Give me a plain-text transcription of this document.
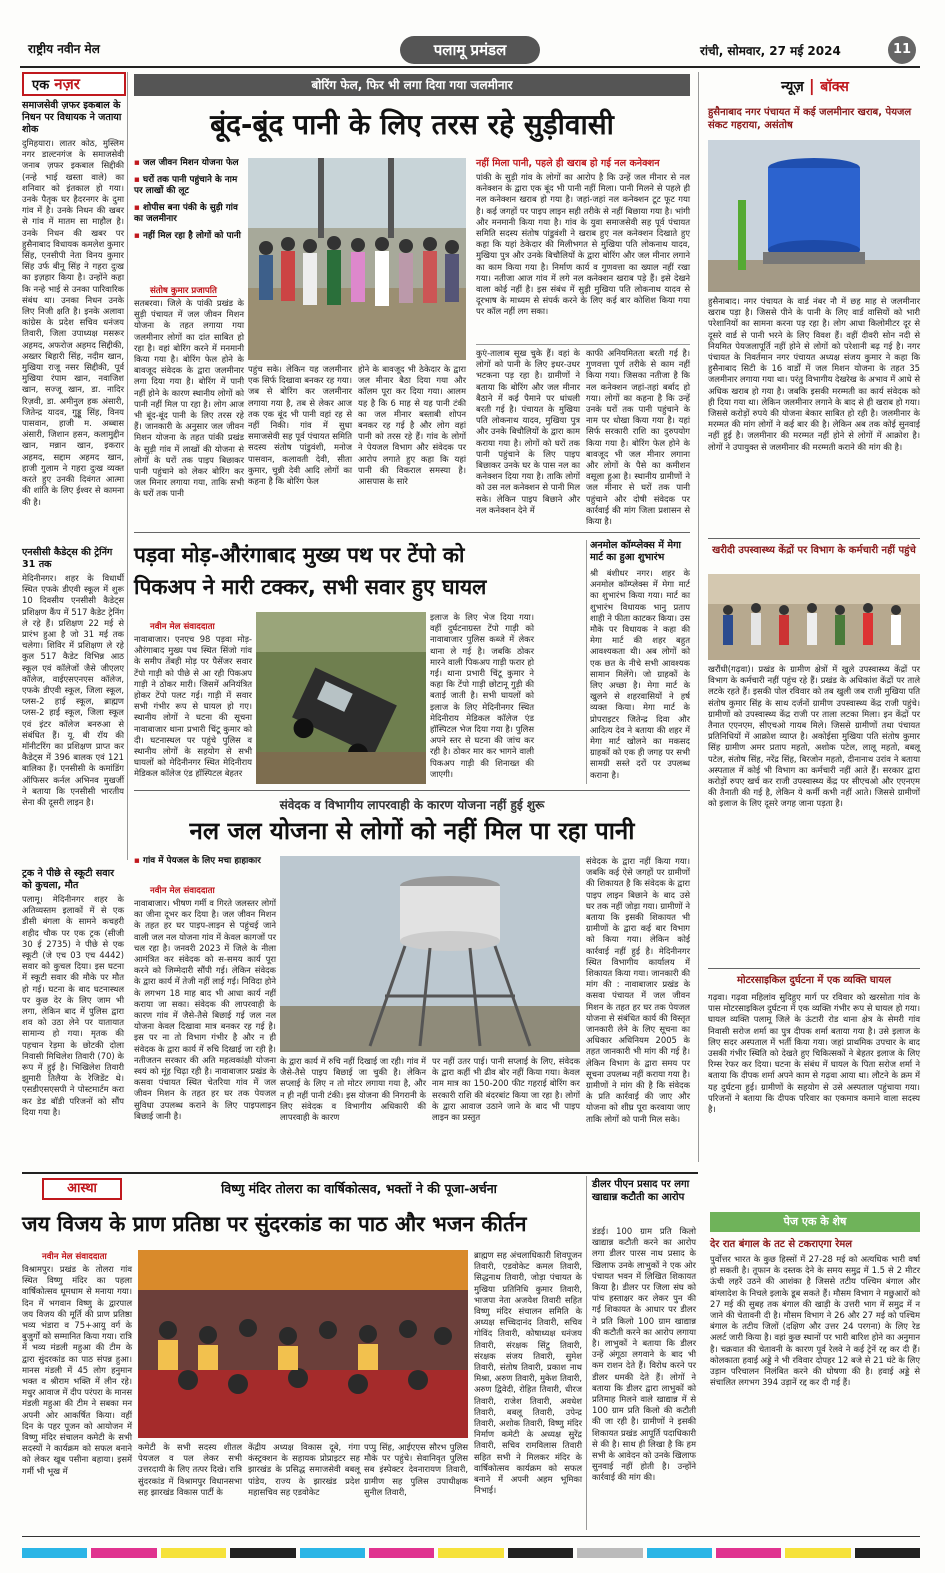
राष्ट्रीय नवीन मेल	पलामू प्रमंडल	रांची, सोमवार, 27 मई 2024	11
एक नज़र
समाजसेवी ज़फर इकबाल के निधन पर विधायक ने जताया शोक
दुमिहयारा। लातर कोठ, मुस्लिम नगर डाल्टनगंज के समाजसेवी जनाब ज़फर इकबाल सिद्दीकी (नन्हे भाई खस्ता वाले) का शनिवार को इंतकाल हो गया। उनके पैतृक घर हैदरनगर के दुमा गांव में है। उनके निधन की खबर से गांव में मातम सा माहौल है। उनके निधन की खबर पर हुसैनाबाद विधायक कमलेश कुमार सिंह, एनसीपी नेता विनय कुमार सिंह उर्फ बीनू सिंह ने गहरा दुःख का इज़हार किया है। उन्होंने कहा कि नन्हे भाई से उनका पारिवारिक संबंध था। उनका निधन उनके लिए निजी क्षति है। इनके अलावा कांग्रेस के प्रदेश सचिव धनंजय तिवारी, जिला उपाध्यक्ष मसरूर अहमद, अफरोज अहमद सिद्दीकी, अख्तर बिहारी सिंह, नदीम खान, मुखिया राजू नसर सिद्दीकी, पूर्व मुखिया रंपाम खान, नवाजिश खान, सज्जू खान, डा. नादिर रिज़वी, डा. अमीनुल हक अंसारी, जितेन्द्र यादव, गुड्डू सिंह, विनय पासवान, हाजी म. अब्बास अंसारी, जिशान हसन, कलामुद्दीन खान, मन्नान खान, इकरार अहमद, सद्दाम अहमद खान, हाजी गुलाम ने गहरा दुःख व्यक्त करते हुए उनकी दिवंगत आत्मा की शांति के लिए ईश्वर से कामना की है।
एनसीसी कैडेट्स की ट्रेनिंग 31 तक
मेदिनीनगर। शहर के विधार्थी स्थित एफके डीएवी स्कूल में शुरू 10 दिवसीय एनसीसी कैडेट्स प्रशिक्षण कैंप में 517 कैडेट ट्रेनिंग ले रहे हैं। प्रशिक्षण 22 मई से प्रारंभ हुआ है जो 31 मई तक चलेगा। शिविर में प्रशिक्षण ले रहे कुल 517 कैडेट विभिन्न आठ स्कूल एवं कॉलेजों जैसे जीएलए कॉलेज, वाईएसएनएस कॉलेज, एफके डीएवी स्कूल, जिला स्कूल, प्लस-2 हाई स्कूल, ब्राह्मण प्लस-2 हाई स्कूल, जिला स्कूल एवं इंटर कॉलेज बनरुआ से संबंधित हैं। यू. बी रॉय की मॉनीटरिंग का प्रशिक्षण प्राप्त कर कैडेट्स में 396 बालक एवं 121 बालिका हैं। एनसीसी के कमांडिंग ऑफिसर कर्नल अभिनव मुखर्जी ने बताया कि एनसीसी भारतीय सेना की दूसरी लाइन है।
ट्रक ने पीछे से स्कूटी सवार को कुचला, मौत
पलामू। मेदिनीनगर शहर के अतिव्यस्तम इलाकों में से एक डीसी बंगला के सामने कचहरी शहीद चौक पर एक ट्रक (सीजी 30 ई 2735) ने पीछे से एक स्कूटी (जे एच 03 एच 4442) सवार को कुचल दिया। इस घटना में स्कूटी सवार की मौके पर मौत हो गई। घटना के बाद घटनास्थल पर कुछ देर के लिए जाम भी लगा, लेकिन बाद में पुलिस द्वारा शव को उठा लेने पर यातायात सामान्य हो गया। मृतक की पहचान रेड़मा के छोटकी दोला निवासी मिथिलेश तिवारी (70) के रूप में हुई है। भिखिलेश तिवारी झुमारी तिलैया के रेजिडेंट थे। एसडीएसएसपी ने पोस्टमार्टम करा कर डेड बॉडी परिजनों को सौंप दिया गया है।
बोरिंग फेल, फिर भी लगा दिया गया जलमीनार
बूंद-बूंद पानी के लिए तरस रहे सुड़ीवासी
▪ जल जीवन मिशन योजना फेल
▪ घरों तक पानी पहुंचाने के नाम पर लाखों की लूट
▪ शोपीस बना पंकी के सुड़ी गांव का जलमीनार
▪ नहीं मिल रहा है लोगों को पानी
संतोष कुमार प्रजापति
सतबरवा। जिले के पांकी प्रखंड के सुड़ी पंचायत में जल जीवन मिशन योजना के तहत लगाया गया जलमीनार लोगों का दांत साबित हो रहा है। वहां बोरिंग करने में मनमानी किया गया है। बोरिंग फेल होने के बावजूद संवेदक के द्वारा जलमीनार लगा दिया गया है। बोरिंग में पानी नहीं होने के कारण स्थानीय लोगों को पानी नहीं मिल पा रहा है। लोग आज भी बूंद-बूंद पानी के लिए तरस रहे हैं। जानकारी के अनुसार जल जीवन मिशन योजना के तहत पांकी प्रखंड के सुड़ी गांव में लाखों की योजना से लोगों के घरों तक पाइप बिछाकर पानी पहुंचाने को लेकर बोरिंग कर जल मिनार लगाया गया, ताकि सभी के घरों तक पानी
पहुंच सके। लेकिन यह जलमीनार एक सिर्फ दिखावा बनकर रह गया। जब से बोरिंग कर जलमीनार लगाया गया है, तब से लेकर आज तक एक बूंद भी पानी वहां रह से नहीं निकी। गांव में सुधा समाजसेवी सह पूर्व पंचायत समिति सदस्य संतोष पांडुवंशी, मनोज पासवान, कलावती देवी, सीता कुमार, चुन्नी देवी आदि लोगों का कहना है कि बोरिंग फेल
होने के बावजूद भी ठेकेदार के द्वारा जल मीनार बैठा दिया गया और कॉलम पूरा कर दिया गया। आलम यह है कि 6 माह से यह पानी टंकी का जल मीनार बस्ताबी शोपन बनकर रह गई है और लोग वहां पानी को तरस रहे हैं। गांव के लोगों ने पेयजल विभाग और संवेदक पर आरोप लगाते हुए कहा कि यहां पानी की विकराल समस्या है। आसपास के सारे
नहीं मिला पानी, पहले ही खराब हो गई नल कनेक्शन
पांकी के सुड़ी गांव के लोगों का आरोप है कि उन्हें जल मीनार से नल कनेक्शन के द्वारा एक बूंद भी पानी नहीं मिला। पानी मिलने से पहले ही नल कनेक्शन खराब हो गया है। जहां-जहां नल कनेक्शन टूट फूट गया है। कई जगहों पर पाइप लाइन सही तरीके से नहीं बिछाया गया है। भांगी और मनमानी किया गया है। गांव के युवा समाजसेवी सह पूर्व पंचायत समिति सदस्य संतोष पांडुवंशी ने खराब हुए नल कनेक्शन दिखाते हुए कहा कि यहां ठेकेदार की मिलीभगत से मुखिया पति लोकनाथ यादव, मुखिया पुत्र और उनके बिचौलियों के द्वारा बोरिंग और जल मीनार लगाने का काम किया गया है। निर्माण कार्य व गुणवत्ता का ख्याल नहीं रखा गया। नतीजा आज गांव में लगे नल कनेक्शन खराब पड़े हैं। इसे देखने वाला कोई नहीं है। इस संबंध में सुड़ी मुखिया पति लोकनाथ यादव से दूरभाष के माध्यम से संपर्क करने के लिए कई बार कोशिश किया गया पर कॉल नहीं लग सका।
कुएं-तालाब सूख चुके हैं। वहां के लोगों को पानी के लिए इधर-उधर भटकना पड़ रहा है। ग्रामीणों ने बताया कि बोरिंग और जल मीनार बैठाने में कई पैमाने पर धांधली बरती गई है। पंचायत के मुखिया पति लोकनाथ यादव, मुखिया पुत्र और उनके बिचौलियों के द्वारा काम कराया गया है। लोगों को घरों तक पानी पहुंचाने के लिए पाइप बिछाकर उनके घर के पास नल का कनेक्शन दिया गया है। ताकि लोगों को उस नल कनेक्शन से पानी मिल सके। लेकिन पाइप बिछाने और नल कनेक्शन देने में
काफी अनियमितता बरती गई है। गुणवत्ता पूर्ण तरीके से काम नहीं किया गया। जिसका नतीजा है कि नल कनेक्शन जहां-तहां बर्बाद हो गया। लोगों का कहना है कि उन्हें उनके घरों तक पानी पहुंचाने के नाम पर धोखा किया गया है। यहां सिर्फ सरकारी राशि का दुरुपयोग किया गया है। बोरिंग फेल होने के बावजूद भी जल मीनार लगाना और लोगों के पैसे का कमीशन वसूला हुआ है। स्थानीय ग्रामीणों ने जल मीनार से घरों तक पानी पहुंचाने और दोषी संवेदक पर कार्रवाई की मांग जिला प्रशासन से किया है।
पड़वा मोड़-औरंगाबाद मुख्य पथ पर टेंपो को
पिकअप ने मारी टक्कर, सभी सवार हुए घायल
नवीन मेल संवाददाता
नावाबाजार। एनएच 98 पड़वा मोड़-औरंगाबाद मुख्य पथ स्थित सिंजो गांव के समीप तेंबही मोड़ पर पैसेंजर सवार टेंपो गाड़ी को पीछे से आ रही पिकअप गाड़ी ने ठोकर मारी। जिसमें अनियंत्रित होकर टेंपो पलट गई। गाड़ी में सवार सभी गंभीर रूप से घायल हो गए। स्थानीय लोगों ने घटना की सूचना नावाबाजार थाना प्रभारी चिंटू कुमार को दी। घटनास्थल पर पहुंचे पुलिस व स्थानीय लोगों के सहयोग से सभी घायलों को मेदिनीनगर स्थित मेदिनीराय मेडिकल कॉलेज एंड हॉस्पिटल बेहतर
इलाज के लिए भेज दिया गया। वहीं दुर्घटनाग्रस्त टेंपो गाड़ी को नावाबाजार पुलिस कब्जे में लेकर थाना ले गई है। जबकि ठोकर मारने वाली पिकअप गाड़ी फरार हो गई। थाना प्रभारी चिंटू कुमार ने कहा कि टेंपो गाड़ी छोटानू गुड़ी की बताई जाती है। सभी घायलों को इलाज के लिए मेदिनीनगर स्थित मेदिनीराय मेडिकल कॉलेज एंड हॉस्पिटल भेज दिया गया है। पुलिस अपने स्तर से घटना की जांच कर रही है। ठोकर मार कर भागने वाली पिकअप गाड़ी की शिनाख्त की जाएगी।
अनमोल कॉम्प्लेक्स में मेगा मार्ट का हुआ शुभारंभ
श्री बंशीधर नगर। शहर के अनमोल कॉम्प्लेक्स में मेगा मार्ट का शुभारंभ किया गया। मार्ट का शुभारंभ विधायक भानु प्रताप शाही ने फीता काटकर किया। उस मौके पर विधायक ने कहा की मेगा मार्ट की शहर बहुत आवश्यकता थी। अब लोगों को एक छत के नीचे सभी आवश्यक सामान मिलेंगे। जो ग्राहकों के लिए अच्छा है। मेगा मार्ट के खुलने से शहरवासियों ने हर्ष व्यक्त किया। मेगा मार्ट के प्रोपराइटर जितेन्द्र दिवा और आदित्य देव ने बताया की शहर में मेगा मार्ट खोलने का मकसद ग्राहकों को एक ही जगह पर सभी सामग्री सस्ते दरों पर उपलब्ध कराना है।
संवेदक व विभागीय लापरवाही के कारण योजना नहीं हुई शुरू
नल जल योजना से लोगों को नहीं मिल पा रहा पानी
▪ गांव में पेयजल के लिए मचा हाहाकार
नवीन मेल संवाददाता
नावाबाजार। भीषण गर्मी व गिरते जलस्तर लोगों का जीना दूभर कर दिया है। जल जीवन मिशन के तहत हर घर पाइप-लाइन से पहुंचई जाने वाली जल नल योजना गांव में केवल कागजों पर चल रहा है। जनवरी 2023 में जिले के नीला आमंत्रित कर संवेदक को स-समय कार्य पूरा करने को जिम्मेदारी सौंपी गई। लेकिन संवेदक के द्वारा कार्य में तेजी नहीं लाई गई। निविदा होने के लगभग 18 माह बाद भी आधा कार्य नहीं कराया जा सका। संवेदक की लापरवाही के कारण गांव में जैसे-तैसे बिछाई गई जल नल योजना केवल दिखावा मात्र बनकर रह गई है। इस पर ना तो विभाग गंभीर है और न ही संवेदक के द्वारा कार्य में रुचि दिखाई जा रही है। नतीजतन सरकार की अति महत्वकांक्षी योजना स्वयं को मूंह चिढ़ा रही है। नावाबाजार प्रखंड के कसवा पंचायत स्थित चेतरिया गांव में जल जीवन मिशन के तहत हर घर तक पेयजल सुविधा उपलब्ध कराने के लिए पाइपलाइन बिछाई जानी है।
के द्वारा कार्य में रुचि नहीं दिखाई जा रही। गांव में जैसे-तैसे पाइप बिछाई जा चुकी है। लेकिन सप्लाई के लिए न तो मोटर लगाया गया है, और न ही नहीं पानी टंकी। इस योजना की निगरानी के लिए संवेदक व विभागीय अधिकारी की लापरवाही के कारण
पर नहीं उतर पाई। पानी सप्लाई के लिए, संवेदक के द्वारा कहीं भी ढीव बोर नहीं किया गया। केवल नाम मात्र का 150-200 फीट गहराई बोरिंग कर सरकारी राशि की बंदरबांट किया जा रहा है। लोगों के द्वारा आवाज उठाने जाने के बाद भी पाइप लाइन का प्रस्तुत
संवेदक के द्वारा नहीं किया गया। जबकि कई ऐसे जगहों पर ग्रामीणों की शिकायत है कि संवेदक के द्वारा पाइप लाइन बिछाने के बाद उसे घर तक नहीं जोड़ा गया। ग्रामीणों ने बताया कि इसकी शिकायत भी ग्रामीणों के द्वारा कई बार विभाग को किया गया। लेकिन कोई कार्रवाई नहीं हुई है। मेदिनीनगर स्थित विभागीय कार्यालय में शिकायत किया गया। जानकारी की मांग की : नावाबाजार प्रखंड के कसवा पंचायत में जल जीवन मिशन के तहत हर घर तक पेयजल योजना से संबंधित कार्य की विस्तृत जानकारी लेने के लिए सूचना का अधिकार अधिनियम 2005 के तहत जानकारी भी मांग की गई है। लेकिन विभाग के द्वारा समय पर सूचना उपलब्ध नहीं कराया गया है। ग्रामीणों ने मांग की है कि संवेदक के प्रति कार्रवाई की जाए और योजना को शीघ्र पूरा करवाया जाए ताकि लोगों को पानी मिल सके।
न्यूज़ | बॉक्स
हुसैनाबाद नगर पंचायत में कई जलमीनार खराब, पेयजल संकट गहराया, असंतोष
हुसैनाबाद। नगर पंचायत के वार्ड नंबर नौ में छह माह से जलमीनार खराब पड़ा है। जिससे पीने के पानी के लिए वार्ड वासियों को भारी परेशानियों का सामना करना पड़ रहा है। लोग आधा किलोमीटर दूर से दूसरे वार्ड से पानी भरने के लिए विवश हैं। वहीं दीवरी सोन नदी से नियमित पेयजलापूर्ति नहीं होने से लोगों को परेशानी बढ़ गई है। नगर पंचायत के निवर्तमान नगर पंचायत अध्यक्ष संजय कुमार ने कहा कि हुसैनाबाद सिटी के 16 वार्डों में जल मिशन योजना के तहत 35 जलमीनार लगाया गया था। परंतु विभागीय देखरेख के अभाव में आधे से अधिक खराब हो गया है। जबकि इसकी मरम्मती का कार्य संवेदक को ही दिया गया था। लेकिन जलमीनार लगाने के बाद से ही खराब हो गया। जिससे करोड़ों रुपये की योजना बेकार साबित हो रही है। जलमीनार के मरम्मत की मांग लोगों ने कई बार की है। लेकिन अब तक कोई सुनवाई नहीं हुई है। जलमीनार की मरम्मत नहीं होने से लोगों में आक्रोश है। लोगों ने उपायुक्त से जलमीनार की मरम्मती कराने की मांग की है।
खरीदी उपस्वास्थ्य केंद्रों पर विभाग के कर्मचारी नहीं पहुंचे
खरौंधी(गढ़वा)। प्रखंड के ग्रामीण क्षेत्रों में खुले उपस्वास्थ्य केंद्रों पर विभाग के कर्मचारी नहीं पहुंच रहे हैं। प्रखंड के अधिकांश केंद्रों पर ताले लटके रहते हैं। इसकी पोल रविवार को तब खुली जब राजी मुखिया पति संतोष कुमार सिंह के साथ दर्जनों ग्रामीण उपस्वास्थ्य केंद्र राजी पहुंचे। ग्रामीणों को उपस्वास्थ्य केंद्र राजी पर ताला लटका मिला। इन केंद्रों पर तैनात एएनएम, सीएचओ गायब मिले। जिससे ग्रामीणों तथा पंचायत प्रतिनिधियों में आक्रोश व्याप्त है। अकोईसा मुखिया पति संतोष कुमार सिंह ग्रामीण अमर प्रताप महतो, अशोक पटेल, लालू महतो, बबलू पटेल, संतोष सिंह, नरेंद्र सिंह, बिरजोन महतो, दीनानाथ उरांव ने बताया अस्पताल में कोई भी विभाग का कर्मचारी नहीं आते हैं। सरकार द्वारा करोड़ों रुपए खर्च कर राजी उपस्वास्थ्य केंद्र पर सीएचओ और एएनएम की तैनाती की गई है, लेकिन ये कर्मी कभी नहीं आते। जिससे ग्रामीणों को इलाज के लिए दूसरे जगह जाना पड़ता है।
मोटरसाइकिल दुर्घटना में एक व्यक्ति घायल
गढ़वा। गढ़वा महिलांव सुदिहुए मार्ग पर रविवार को खरसोता गांव के पास मोटरसाइकिल दुर्घटना में एक व्यक्ति गंभीर रूप से घायल हो गया। घायल व्यक्ति पलामू जिले के ऊंटारी रोड थाना क्षेत्र के सेमरी गांव निवासी सरोज शर्मा का पुत्र दीपक शर्मा बताया गया है। उसे इलाज के लिए सदर अस्पताल में भर्ती किया गया। जहां प्राथमिक उपचार के बाद उसकी गंभीर स्थिति को देखते हुए चिकित्सकों ने बेहतर इलाज के लिए रिम्स रेफर कर दिया। घटना के संबंध में घायल के पिता सरोज शर्मा ने बताया कि दीपक शर्मा अपने काम से गढ़वा आया था। लौटने के क्रम में यह दुर्घटना हुई। ग्रामीणों के सहयोग से उसे अस्पताल पहुंचाया गया। परिजनों ने बताया कि दीपक परिवार का एकमात्र कमाने वाला सदस्य है।
आस्था	विष्णु मंदिर तोलरा का वार्षिकोत्सव, भक्तों ने की पूजा-अर्चना
जय विजय के प्राण प्रतिष्ठा पर सुंदरकांड का पाठ और भजन कीर्तन
नवीन मेल संवाददाता
विश्रामपुर। प्रखंड के तोलरा गांव स्थित विष्णु मंदिर का पहला वार्षिकोत्सव धूमधाम से मनाया गया। दिन में भगवान विष्णु के द्वारपाल जय विजय की मूर्ति की प्राण प्रतिष्ठा भव्य भंडारा व 75+आयु वर्ग के बुजुर्गों को सम्मानित किया गया। रात्रि में भव्य मंडली महुआ की टीम के द्वारा सुंदरकांड का पाठ संपन्न हुआ। मानस मंडली में 45 लोग हनुमान भक्त व श्रीराम भक्ति में लीन रहे। मधुर आवाज में दीप परंपरा के मानस मंडली महुआ की टीम ने सबका मन अपनी ओर आकर्षित किया। वहीं दिन के पहर पूजन को आयोजन में विष्णु मंदिर संचालन कमेटी के सभी सदस्यों ने कार्यक्रम को सफल बनाने को लेकर खूब पसीना बहाया। इसमें गर्मी भी भूख में
कमेटी के सभी सदस्य शीतल पेयजल व पल लेकर सभी उत्तरदायी के लिए तत्पर दिखे। रात्रि सुंदरकांड में विश्रामपुर विधानसभा सह झारखंड विकास पार्टी के
केंद्रीय अध्यक्ष विकास दूबे, गंगा कंस्ट्रक्शन के सहायक प्रोप्राइटर सह झारखंड के प्रसिद्ध समाजसेवी बबलू पांडेय, राज्य के झारखंड प्रदेश महासचिव सह एडवोकेट
पप्पु सिंह, आईएएस सौरभ पुलिस मौके पर पहुंचे। सेवानिवृत पुलिस सब इंस्पेक्टर देवनारायण तिवारी, ग्रामीण सह पुलिस उपाधीक्षक सुनील तिवारी,
ब्राह्मण सह अंचलाधिकारी शिवपूजन तिवारी, एडवोकेट कमल तिवारी, सिद्धनाथ तिवारी, जोड़ा पंचायत के मुखिया प्रतिनिधि कुमार तिवारी, भाजपा नेता अजयेश तिवारी सहित विष्णु मंदिर संचालन समिति के अध्यक्ष सच्चिदानंद तिवारी, सचिव गोविंद तिवारी, कोषाध्यक्ष धनंजय तिवारी, संरक्षक सिंटु तिवारी, संरक्षक संजय तिवारी, सुमेश तिवारी, संतोष तिवारी, प्रकाश नाथ मिश्रा, अरुण तिवारी, मुकेश तिवारी, अरुण द्विवेदी, रोहित तिवारी, धीरज तिवारी, राजेश तिवारी, अवधेश तिवारी, बबलू तिवारी, उपेन्द्र तिवारी, अशोक तिवारी, विष्णु मंदिर निर्माण कमेटी के अध्यक्ष सुरेंद्र तिवारी, सचिव रामविलास तिवारी सहित सभी ने मिलकर मंदिर के वार्षिकोत्सव कार्यक्रम को सफल बनाने में अपनी अहम भूमिका निभाई।
डीलर पीएन प्रसाद पर लगा खाद्यान्न कटौती का आरोप
डंडई। 100 ग्राम प्रति किलो खाद्यान्न कटौती करने का आरोप लगा डीलर पारस नाथ प्रसाद के खिलाफ उनके लाभुकों ने एक ओर पंचायत भवन में लिखित शिकायत किया है। डीलर पर जिला संघ को पांच हस्ताक्षर कर लेकर पुन की गई शिकायत के आधार पर डीलर ने प्रति किलो 100 ग्राम खाद्यान्न की कटौती करने का आरोप लगाया है। लाभुकों ने बताया कि डीलर उन्हें अंगूठा लगवाने के बाद भी कम राशन देते हैं। विरोध करने पर डीलर धमकी देते हैं। लोगों ने बताया कि डीलर द्वारा लाभुकों को प्रतिमाह मिलने वाले खाद्यान्न में से 100 ग्राम प्रति किलो की कटौती की जा रही है। ग्रामीणों ने इसकी शिकायत प्रखंड आपूर्ति पदाधिकारी से की है। साथ ही लिखा है कि हम सभी के आवेदन को उनके खिलाफ सुनवाई नहीं होती है। उन्होंने कार्रवाई की मांग की।
पेज एक के शेष
देर रात बंगाल के तट से टकराएगा रेमल
पुर्वोत्तर भारत के कुछ हिस्सों में 27-28 मई को अत्यधिक भारी वर्षा हो सकती है। तूफान के दस्तक देने के समय समुद्र में 1.5 से 2 मीटर ऊंची लहरें उठने की आशंका है जिससे तटीय पश्चिम बंगाल और बांग्लादेश के निचले इलाके डूब सकते हैं। मौसम विभाग ने मछुआरों को 27 मई की सुबह तक बंगाल की खाड़ी के उत्तरी भाग में समुद्र में न जाने की चेतावनी दी है। मौसम विभाग ने 26 और 27 मई को पश्चिम बंगाल के तटीय जिलों (दक्षिण और उत्तर 24 परगना) के लिए रेड अलर्ट जारी किया है। वहां कुछ स्थानों पर भारी बारिश होने का अनुमान है। चक्रवात की चेतावनी के कारण पूर्व रेलवे ने कई ट्रेनें रद्द कर दी हैं। कोलकाता हवाई अड्डे ने भी रविवार दोपहर 12 बजे से 21 घंटे के लिए उड़ान परिचालन निलंबित करने की घोषणा की है। हवाई अड्डे से संचालित लगभग 394 उड़ानें रद्द कर दी गई हैं।
